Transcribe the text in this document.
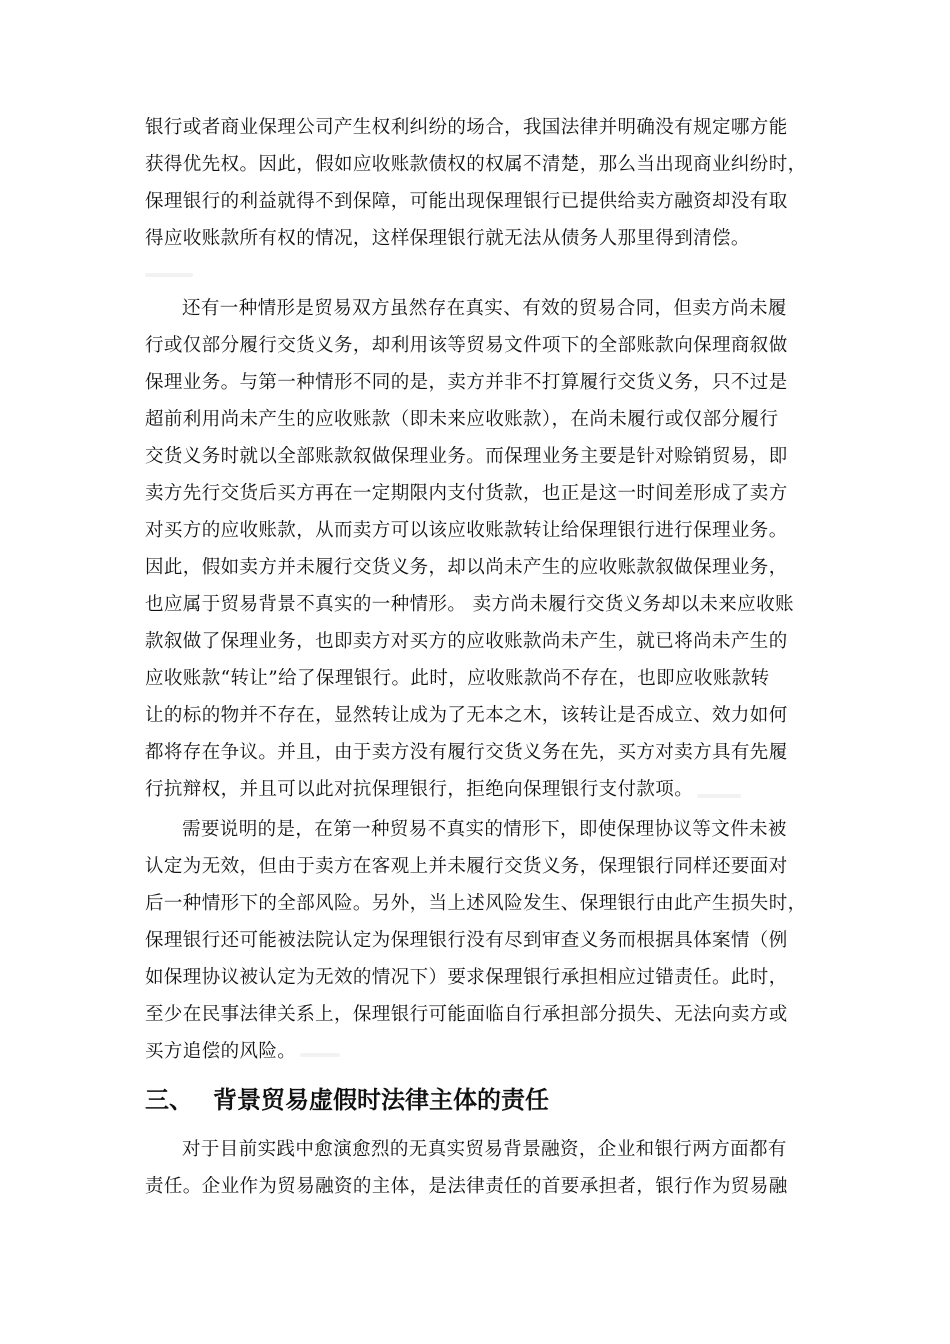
银行或者商业保理公司产生权利纠纷的场合，我国法律并明确没有规定哪方能
获得优先权。因此，假如应收账款债权的权属不清楚，那么当出现商业纠纷时，
保理银行的利益就得不到保障，可能出现保理银行已提供给卖方融资却没有取
得应收账款所有权的情况，这样保理银行就无法从债务人那里得到清偿。
还有一种情形是贸易双方虽然存在真实、有效的贸易合同，但卖方尚未履
行或仅部分履行交货义务，却利用该等贸易文件项下的全部账款向保理商叙做
保理业务。与第一种情形不同的是，卖方并非不打算履行交货义务，只不过是
超前利用尚未产生的应收账款（即未来应收账款），在尚未履行或仅部分履行
交货义务时就以全部账款叙做保理业务。而保理业务主要是针对赊销贸易，即
卖方先行交货后买方再在一定期限内支付货款，也正是这一时间差形成了卖方
对买方的应收账款，从而卖方可以该应收账款转让给保理银行进行保理业务。
因此，假如卖方并未履行交货义务，却以尚未产生的应收账款叙做保理业务，
也应属于贸易背景不真实的一种情形。 卖方尚未履行交货义务却以未来应收账
款叙做了保理业务，也即卖方对买方的应收账款尚未产生，就已将尚未产生的
应收账款“转让”给了保理银行。此时，应收账款尚不存在，也即应收账款转
让的标的物并不存在，显然转让成为了无本之木，该转让是否成立、效力如何
都将存在争议。并且，由于卖方没有履行交货义务在先，买方对卖方具有先履
行抗辩权，并且可以此对抗保理银行，拒绝向保理银行支付款项。
需要说明的是，在第一种贸易不真实的情形下，即使保理协议等文件未被
认定为无效，但由于卖方在客观上并未履行交货义务，保理银行同样还要面对
后一种情形下的全部风险。另外，当上述风险发生、保理银行由此产生损失时，
保理银行还可能被法院认定为保理银行没有尽到审查义务而根据具体案情（例
如保理协议被认定为无效的情况下）要求保理银行承担相应过错责任。此时，
至少在民事法律关系上，保理银行可能面临自行承担部分损失、无法向卖方或
买方追偿的风险。
三、 背景贸易虚假时法律主体的责任
对于目前实践中愈演愈烈的无真实贸易背景融资，企业和银行两方面都有
责任。企业作为贸易融资的主体，是法律责任的首要承担者，银行作为贸易融
